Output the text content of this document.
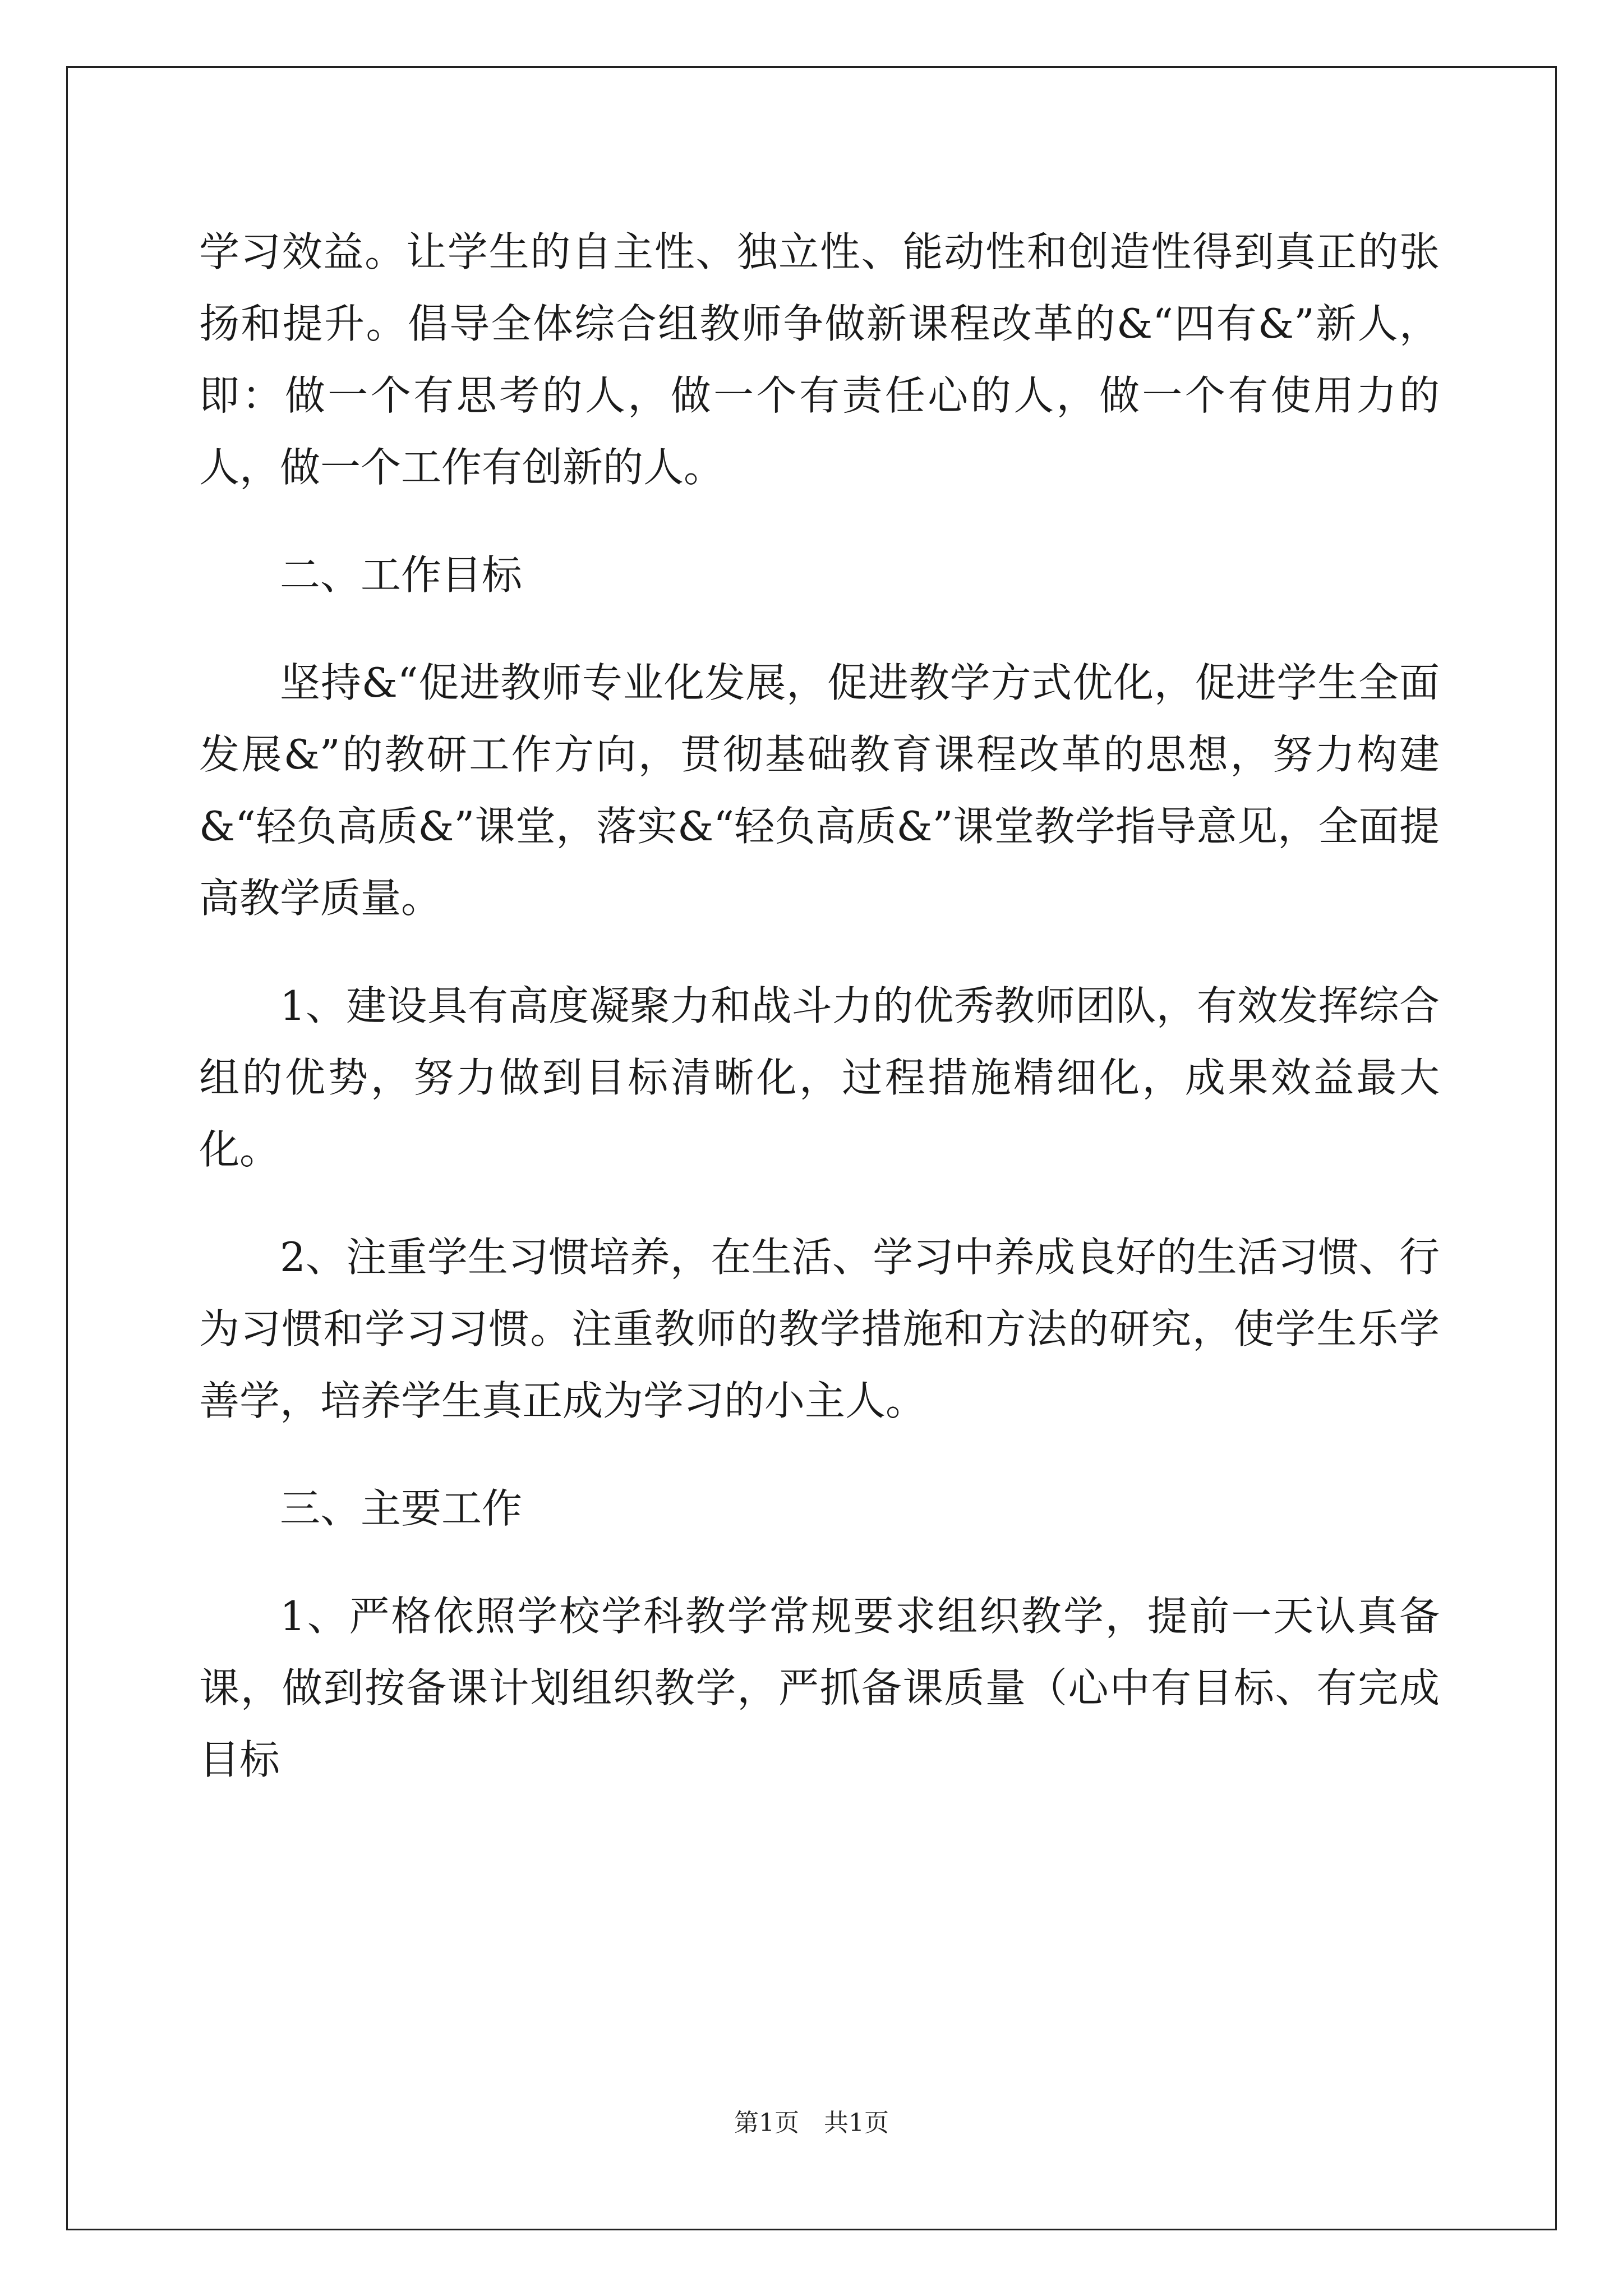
学习效益。让学生的自主性、独立性、能动性和创造性得到真正的张扬和提升。倡导全体综合组教师争做新课程改革的&“四有&”新人，即：做一个有思考的人，做一个有责任心的人，做一个有使用力的人，做一个工作有创新的人。

二、工作目标

坚持&“促进教师专业化发展，促进教学方式优化，促进学生全面发展&”的教研工作方向，贯彻基础教育课程改革的思想，努力构建&“轻负高质&”课堂，落实&“轻负高质&”课堂教学指导意见，全面提高教学质量。

1、建设具有高度凝聚力和战斗力的优秀教师团队，有效发挥综合组的优势，努力做到目标清晰化，过程措施精细化，成果效益最大化。

2、注重学生习惯培养，在生活、学习中养成良好的生活习惯、行为习惯和学习习惯。注重教师的教学措施和方法的研究，使学生乐学善学，培养学生真正成为学习的小主人。

三、主要工作

1、严格依照学校学科教学常规要求组织教学，提前一天认真备课，做到按备课计划组织教学，严抓备课质量（心中有目标、有完成目标

第1页　共1页
